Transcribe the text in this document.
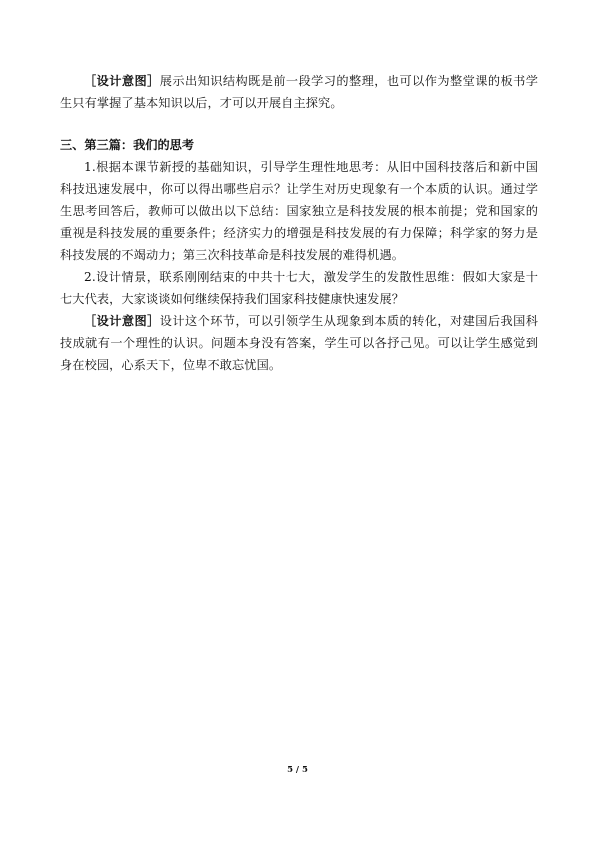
［设计意图］展示出知识结构既是前一段学习的整理，也可以作为整堂课的板书学生只有掌握了基本知识以后，才可以开展自主探究。

三、第三篇：我们的思考

1.根据本课节新授的基础知识，引导学生理性地思考：从旧中国科技落后和新中国科技迅速发展中，你可以得出哪些启示？让学生对历史现象有一个本质的认识。通过学生思考回答后，教师可以做出以下总结：国家独立是科技发展的根本前提；党和国家的重视是科技发展的重要条件；经济实力的增强是科技发展的有力保障；科学家的努力是科技发展的不竭动力；第三次科技革命是科技发展的难得机遇。

2.设计情景，联系刚刚结束的中共十七大，激发学生的发散性思维：假如大家是十七大代表，大家谈谈如何继续保持我们国家科技健康快速发展？

［设计意图］设计这个环节，可以引领学生从现象到本质的转化，对建国后我国科技成就有一个理性的认识。问题本身没有答案，学生可以各抒己见。可以让学生感觉到身在校园，心系天下，位卑不敢忘忧国。

5 / 5
